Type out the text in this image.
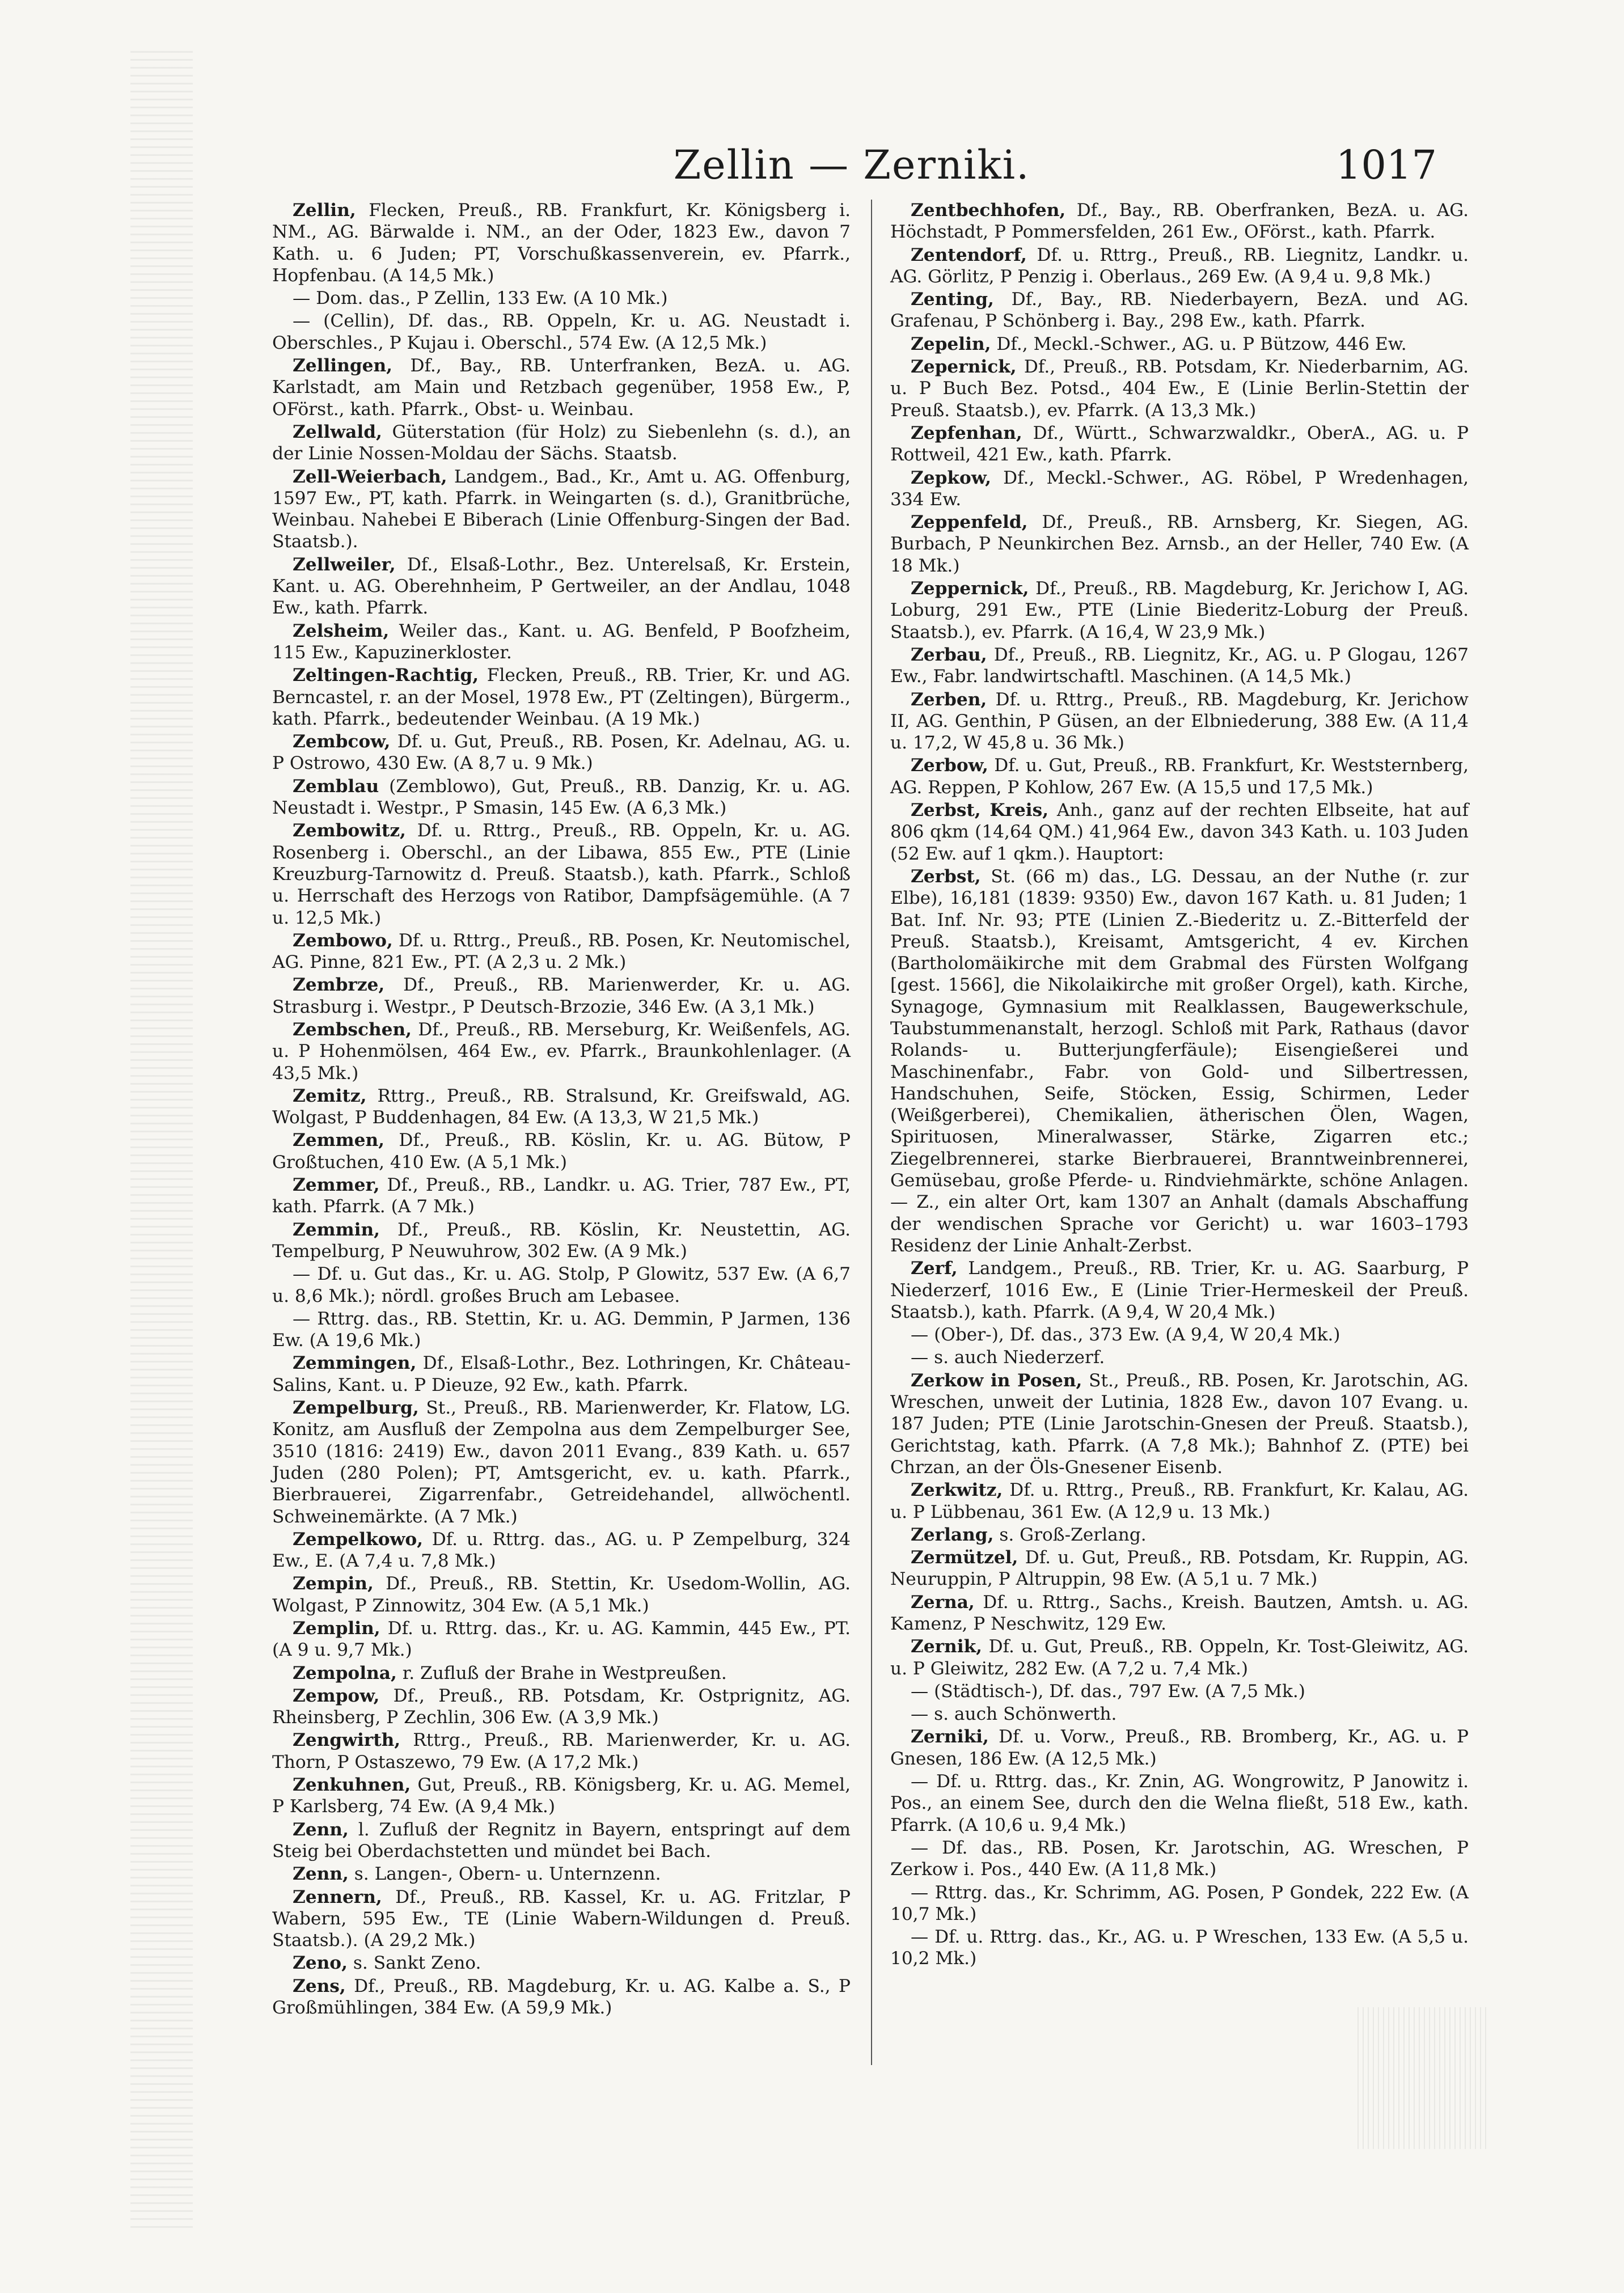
Zellin — Zerniki.	1017

Zellin, Flecken, Preuß., RB. Frankfurt, Kr. Königsberg i. NM., AG. Bärwalde i. NM., an der Oder, 1823 Ew., davon 7 Kath. u. 6 Juden; PT, Vorschußkassenverein, ev. Pfarrk., Hopfenbau. (A 14,5 Mk.)

— Dom. das., P Zellin, 133 Ew. (A 10 Mk.)

— (Cellin), Df. das., RB. Oppeln, Kr. u. AG. Neustadt i. Oberschles., P Kujau i. Oberschl., 574 Ew. (A 12,5 Mk.)

Zellingen, Df., Bay., RB. Unterfranken, BezA. u. AG. Karlstadt, am Main und Retzbach gegenüber, 1958 Ew., P, OFörst., kath. Pfarrk., Obst- u. Weinbau.

Zellwald, Güterstation (für Holz) zu Siebenlehn (s. d.), an der Linie Nossen-Moldau der Sächs. Staatsb.

Zell-Weierbach, Landgem., Bad., Kr., Amt u. AG. Offenburg, 1597 Ew., PT, kath. Pfarrk. in Weingarten (s. d.), Granitbrüche, Weinbau. Nahebei E Biberach (Linie Offenburg-Singen der Bad. Staatsb.).

Zellweiler, Df., Elsaß-Lothr., Bez. Unterelsaß, Kr. Erstein, Kant. u. AG. Oberehnheim, P Gertweiler, an der Andlau, 1048 Ew., kath. Pfarrk.

Zelsheim, Weiler das., Kant. u. AG. Benfeld, P Boofzheim, 115 Ew., Kapuzinerkloster.

Zeltingen-Rachtig, Flecken, Preuß., RB. Trier, Kr. und AG. Berncastel, r. an der Mosel, 1978 Ew., PT (Zeltingen), Bürgerm., kath. Pfarrk., bedeutender Weinbau. (A 19 Mk.)

Zembcow, Df. u. Gut, Preuß., RB. Posen, Kr. Adelnau, AG. u. P Ostrowo, 430 Ew. (A 8,7 u. 9 Mk.)

Zemblau (Zemblowo), Gut, Preuß., RB. Danzig, Kr. u. AG. Neustadt i. Westpr., P Smasin, 145 Ew. (A 6,3 Mk.)

Zembowitz, Df. u. Rttrg., Preuß., RB. Oppeln, Kr. u. AG. Rosenberg i. Oberschl., an der Libawa, 855 Ew., PTE (Linie Kreuzburg-Tarnowitz d. Preuß. Staatsb.), kath. Pfarrk., Schloß u. Herrschaft des Herzogs von Ratibor, Dampfsägemühle. (A 7 u. 12,5 Mk.)

Zembowo, Df. u. Rttrg., Preuß., RB. Posen, Kr. Neutomischel, AG. Pinne, 821 Ew., PT. (A 2,3 u. 2 Mk.)

Zembrze, Df., Preuß., RB. Marienwerder, Kr. u. AG. Strasburg i. Westpr., P Deutsch-Brzozie, 346 Ew. (A 3,1 Mk.)

Zembschen, Df., Preuß., RB. Merseburg, Kr. Weißenfels, AG. u. P Hohenmölsen, 464 Ew., ev. Pfarrk., Braunkohlenlager. (A 43,5 Mk.)

Zemitz, Rttrg., Preuß., RB. Stralsund, Kr. Greifswald, AG. Wolgast, P Buddenhagen, 84 Ew. (A 13,3, W 21,5 Mk.)

Zemmen, Df., Preuß., RB. Köslin, Kr. u. AG. Bütow, P Großtuchen, 410 Ew. (A 5,1 Mk.)

Zemmer, Df., Preuß., RB., Landkr. u. AG. Trier, 787 Ew., PT, kath. Pfarrk. (A 7 Mk.)

Zemmin, Df., Preuß., RB. Köslin, Kr. Neustettin, AG. Tempelburg, P Neuwuhrow, 302 Ew. (A 9 Mk.)

— Df. u. Gut das., Kr. u. AG. Stolp, P Glowitz, 537 Ew. (A 6,7 u. 8,6 Mk.); nördl. großes Bruch am Lebasee.

— Rttrg. das., RB. Stettin, Kr. u. AG. Demmin, P Jarmen, 136 Ew. (A 19,6 Mk.)

Zemmingen, Df., Elsaß-Lothr., Bez. Lothringen, Kr. Château-Salins, Kant. u. P Dieuze, 92 Ew., kath. Pfarrk.

Zempelburg, St., Preuß., RB. Marienwerder, Kr. Flatow, LG. Konitz, am Ausfluß der Zempolna aus dem Zempelburger See, 3510 (1816: 2419) Ew., davon 2011 Evang., 839 Kath. u. 657 Juden (280 Polen); PT, Amtsgericht, ev. u. kath. Pfarrk., Bierbrauerei, Zigarrenfabr., Getreidehandel, allwöchentl. Schweinemärkte. (A 7 Mk.)

Zempelkowo, Df. u. Rttrg. das., AG. u. P Zempelburg, 324 Ew., E. (A 7,4 u. 7,8 Mk.)

Zempin, Df., Preuß., RB. Stettin, Kr. Usedom-Wollin, AG. Wolgast, P Zinnowitz, 304 Ew. (A 5,1 Mk.)

Zemplin, Df. u. Rttrg. das., Kr. u. AG. Kammin, 445 Ew., PT. (A 9 u. 9,7 Mk.)

Zempolna, r. Zufluß der Brahe in Westpreußen.

Zempow, Df., Preuß., RB. Potsdam, Kr. Ostprignitz, AG. Rheinsberg, P Zechlin, 306 Ew. (A 3,9 Mk.)

Zengwirth, Rttrg., Preuß., RB. Marienwerder, Kr. u. AG. Thorn, P Ostaszewo, 79 Ew. (A 17,2 Mk.)

Zenkuhnen, Gut, Preuß., RB. Königsberg, Kr. u. AG. Memel, P Karlsberg, 74 Ew. (A 9,4 Mk.)

Zenn, l. Zufluß der Regnitz in Bayern, entspringt auf dem Steig bei Oberdachstetten und mündet bei Bach.

Zenn, s. Langen-, Obern- u. Unternzenn.

Zennern, Df., Preuß., RB. Kassel, Kr. u. AG. Fritzlar, P Wabern, 595 Ew., TE (Linie Wabern-Wildungen d. Preuß. Staatsb.). (A 29,2 Mk.)

Zeno, s. Sankt Zeno.

Zens, Df., Preuß., RB. Magdeburg, Kr. u. AG. Kalbe a. S., P Großmühlingen, 384 Ew. (A 59,9 Mk.)

Zentbechhofen, Df., Bay., RB. Oberfranken, BezA. u. AG. Höchstadt, P Pommersfelden, 261 Ew., OFörst., kath. Pfarrk.

Zentendorf, Df. u. Rttrg., Preuß., RB. Liegnitz, Landkr. u. AG. Görlitz, P Penzig i. Oberlaus., 269 Ew. (A 9,4 u. 9,8 Mk.)

Zenting, Df., Bay., RB. Niederbayern, BezA. und AG. Grafenau, P Schönberg i. Bay., 298 Ew., kath. Pfarrk.

Zepelin, Df., Meckl.-Schwer., AG. u. P Bützow, 446 Ew.

Zepernick, Df., Preuß., RB. Potsdam, Kr. Niederbarnim, AG. u. P Buch Bez. Potsd., 404 Ew., E (Linie Berlin-Stettin der Preuß. Staatsb.), ev. Pfarrk. (A 13,3 Mk.)

Zepfenhan, Df., Württ., Schwarzwaldkr., OberA., AG. u. P Rottweil, 421 Ew., kath. Pfarrk.

Zepkow, Df., Meckl.-Schwer., AG. Röbel, P Wredenhagen, 334 Ew.

Zeppenfeld, Df., Preuß., RB. Arnsberg, Kr. Siegen, AG. Burbach, P Neunkirchen Bez. Arnsb., an der Heller, 740 Ew. (A 18 Mk.)

Zeppernick, Df., Preuß., RB. Magdeburg, Kr. Jerichow I, AG. Loburg, 291 Ew., PTE (Linie Biederitz-Loburg der Preuß. Staatsb.), ev. Pfarrk. (A 16,4, W 23,9 Mk.)

Zerbau, Df., Preuß., RB. Liegnitz, Kr., AG. u. P Glogau, 1267 Ew., Fabr. landwirtschaftl. Maschinen. (A 14,5 Mk.)

Zerben, Df. u. Rttrg., Preuß., RB. Magdeburg, Kr. Jerichow II, AG. Genthin, P Güsen, an der Elbniederung, 388 Ew. (A 11,4 u. 17,2, W 45,8 u. 36 Mk.)

Zerbow, Df. u. Gut, Preuß., RB. Frankfurt, Kr. Weststernberg, AG. Reppen, P Kohlow, 267 Ew. (A 15,5 und 17,5 Mk.)

Zerbst, Kreis, Anh., ganz auf der rechten Elbseite, hat auf 806 qkm (14,64 QM.) 41,964 Ew., davon 343 Kath. u. 103 Juden (52 Ew. auf 1 qkm.). Hauptort:

Zerbst, St. (66 m) das., LG. Dessau, an der Nuthe (r. zur Elbe), 16,181 (1839: 9350) Ew., davon 167 Kath. u. 81 Juden; 1 Bat. Inf. Nr. 93; PTE (Linien Z.-Biederitz u. Z.-Bitterfeld der Preuß. Staatsb.), Kreisamt, Amtsgericht, 4 ev. Kirchen (Bartholomäikirche mit dem Grabmal des Fürsten Wolfgang [gest. 1566], die Nikolaikirche mit großer Orgel), kath. Kirche, Synagoge, Gymnasium mit Realklassen, Baugewerkschule, Taubstummenanstalt, herzogl. Schloß mit Park, Rathaus (davor Rolands- u. Butterjungferfäule); Eisengießerei und Maschinenfabr., Fabr. von Gold- und Silbertressen, Handschuhen, Seife, Stöcken, Essig, Schirmen, Leder (Weißgerberei), Chemikalien, ätherischen Ölen, Wagen, Spirituosen, Mineralwasser, Stärke, Zigarren etc.; Ziegelbrennerei, starke Bierbrauerei, Branntweinbrennerei, Gemüsebau, große Pferde- u. Rindviehmärkte, schöne Anlagen. — Z., ein alter Ort, kam 1307 an Anhalt (damals Abschaffung der wendischen Sprache vor Gericht) u. war 1603–1793 Residenz der Linie Anhalt-Zerbst.

Zerf, Landgem., Preuß., RB. Trier, Kr. u. AG. Saarburg, P Niederzerf, 1016 Ew., E (Linie Trier-Hermeskeil der Preuß. Staatsb.), kath. Pfarrk. (A 9,4, W 20,4 Mk.)

— (Ober-), Df. das., 373 Ew. (A 9,4, W 20,4 Mk.)

— s. auch Niederzerf.

Zerkow in Posen, St., Preuß., RB. Posen, Kr. Jarotschin, AG. Wreschen, unweit der Lutinia, 1828 Ew., davon 107 Evang. u. 187 Juden; PTE (Linie Jarotschin-Gnesen der Preuß. Staatsb.), Gerichtstag, kath. Pfarrk. (A 7,8 Mk.); Bahnhof Z. (PTE) bei Chrzan, an der Öls-Gnesener Eisenb.

Zerkwitz, Df. u. Rttrg., Preuß., RB. Frankfurt, Kr. Kalau, AG. u. P Lübbenau, 361 Ew. (A 12,9 u. 13 Mk.)

Zerlang, s. Groß-Zerlang.

Zermützel, Df. u. Gut, Preuß., RB. Potsdam, Kr. Ruppin, AG. Neuruppin, P Altruppin, 98 Ew. (A 5,1 u. 7 Mk.)

Zerna, Df. u. Rttrg., Sachs., Kreish. Bautzen, Amtsh. u. AG. Kamenz, P Neschwitz, 129 Ew.

Zernik, Df. u. Gut, Preuß., RB. Oppeln, Kr. Tost-Gleiwitz, AG. u. P Gleiwitz, 282 Ew. (A 7,2 u. 7,4 Mk.)

— (Städtisch-), Df. das., 797 Ew. (A 7,5 Mk.)

— s. auch Schönwerth.

Zerniki, Df. u. Vorw., Preuß., RB. Bromberg, Kr., AG. u. P Gnesen, 186 Ew. (A 12,5 Mk.)

— Df. u. Rttrg. das., Kr. Znin, AG. Wongrowitz, P Janowitz i. Pos., an einem See, durch den die Welna fließt, 518 Ew., kath. Pfarrk. (A 10,6 u. 9,4 Mk.)

— Df. das., RB. Posen, Kr. Jarotschin, AG. Wreschen, P Zerkow i. Pos., 440 Ew. (A 11,8 Mk.)

— Rttrg. das., Kr. Schrimm, AG. Posen, P Gondek, 222 Ew. (A 10,7 Mk.)

— Df. u. Rttrg. das., Kr., AG. u. P Wreschen, 133 Ew. (A 5,5 u. 10,2 Mk.)
